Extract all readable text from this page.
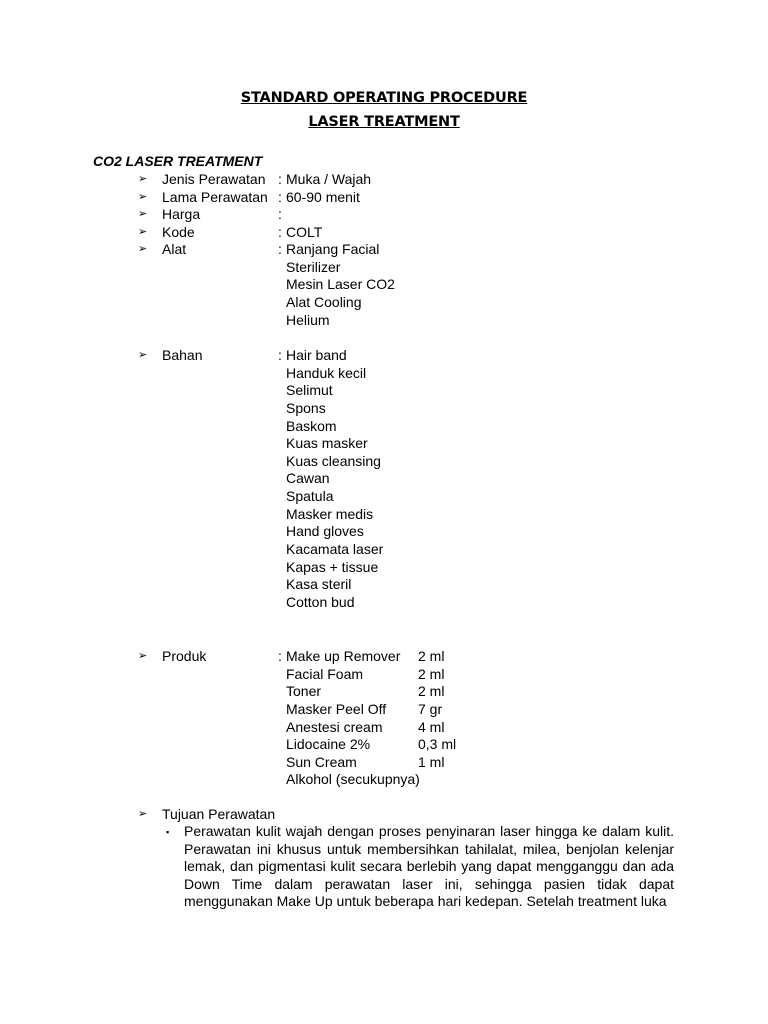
STANDARD OPERATING PROCEDURE
LASER TREATMENT
CO2 LASER TREATMENT
➢ Jenis Perawatan : Muka / Wajah
➢ Lama Perawatan : 60-90 menit
➢ Harga	:
➢ Kode	: COLT
➢ Alat	: Ranjang Facial
Sterilizer
Mesin Laser CO2
Alat Cooling
Helium
➢ Bahan	: Hair band
Handuk kecil
Selimut
Spons
Baskom
Kuas masker
Kuas cleansing
Cawan
Spatula
Masker medis
Hand gloves
Kacamata laser
Kapas + tissue
Kasa steril
Cotton bud
➢ Produk	: Make up Remover 2 ml
Facial Foam	2 ml
Toner	2 ml
Masker Peel Off 7 gr
Anestesi cream	4 ml
Lidocaine 2%	0,3 ml
Sun Cream	1 ml
Alkohol (secukupnya)
➢ Tujuan Perawatan
▪ Perawatan kulit wajah dengan proses penyinaran laser hingga ke dalam kulit. Perawatan ini khusus untuk membersihkan tahilalat, milea, benjolan kelenjar lemak, dan pigmentasi kulit secara berlebih yang dapat mengganggu dan ada Down Time dalam perawatan laser ini, sehingga pasien tidak dapat menggunakan Make Up untuk beberapa hari kedepan. Setelah treatment luka
